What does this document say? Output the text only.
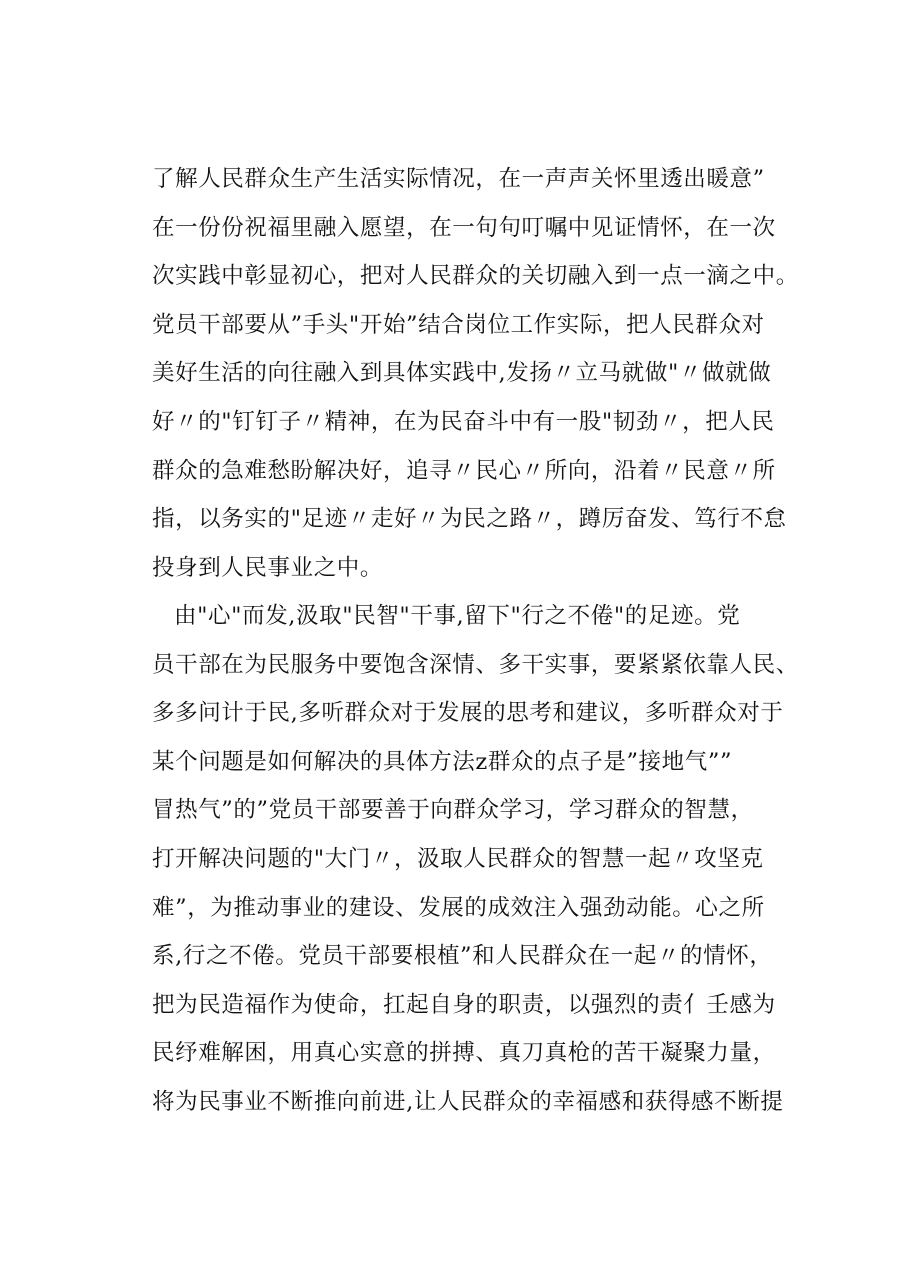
了解人民群众生产生活实际情况，在一声声关怀里透出暖意”
在一份份祝福里融入愿望，在一句句叮嘱中见证情怀，在一次
次实践中彰显初心，把对人民群众的关切融入到一点一滴之中。
党员干部要从”手头"开始”结合岗位工作实际，把人民群众对
美好生活的向往融入到具体实践中,发扬〃立马就做"〃做就做
好〃的"钉钉子〃精神，在为民奋斗中有一股"韧劲〃，把人民
群众的急难愁盼解决好，追寻〃民心〃所向，沿着〃民意〃所
指，以务实的"足迹〃走好〃为民之路〃，蹲厉奋发、笃行不怠
投身到人民事业之中。
由"心"而发,汲取"民智"干事,留下"行之不倦"的足迹。党
员干部在为民服务中要饱含深情、多干实事，要紧紧依靠人民、
多多问计于民,多听群众对于发展的思考和建议，多听群众对于
某个问题是如何解决的具体方法z群众的点子是”接地气””
冒热气”的”党员干部要善于向群众学习，学习群众的智慧，
打开解决问题的"大门〃，汲取人民群众的智慧一起〃攻坚克
难”，为推动事业的建设、发展的成效注入强劲动能。心之所
系,行之不倦。党员干部要根植”和人民群众在一起〃的情怀，
把为民造福作为使命，扛起自身的职责，以强烈的责亻壬感为
民纾难解困，用真心实意的拼搏、真刀真枪的苦干凝聚力量，
将为民事业不断推向前进,让人民群众的幸福感和获得感不断提
